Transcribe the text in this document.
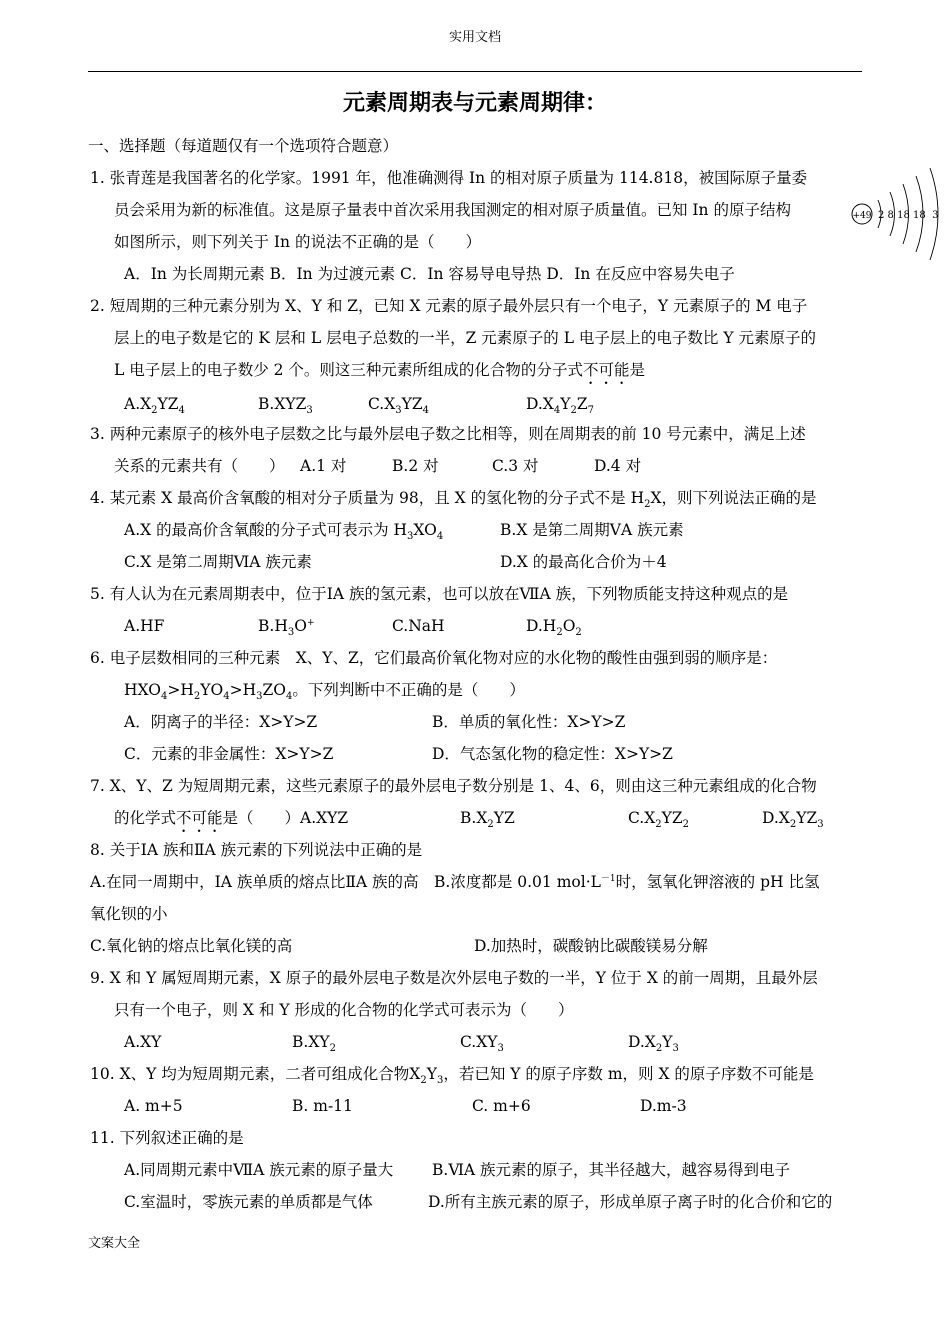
实用文档
元素周期表与元素周期律：
一、选择题（每道题仅有一个选项符合题意）
1. 张青莲是我国著名的化学家。1991 年，他准确测得 In 的相对原子质量为 114.818，被国际原子量委
员会采用为新的标准值。这是原子量表中首次采用我国测定的相对原子质量值。已知 In 的原子结构
如图所示，则下列关于 In 的说法不正确的是（　　）
A．In 为长周期元素 B．In 为过渡元素 C．In 容易导电导热 D．In 在反应中容易失电子
+49 2 8 18 18  3
2. 短周期的三种元素分别为 X、Y 和 Z，已知 X 元素的原子最外层只有一个电子，Y 元素原子的 M 电子
层上的电子数是它的 K 层和 L 层电子总数的一半，Z 元素原子的 L 电子层上的电子数比 Y 元素原子的
L 电子层上的电子数少 2 个。则这三种元素所组成的化合物的分子式不可能是
$A.X_2YZ_4$	$B.XYZ_3$	$C.X_3YZ_4$	$D.X_4Y_2Z_7$
3. 两种元素原子的核外电子层数之比与最外层电子数之比相等，则在周期表的前 10 号元素中，满足上述
关系的元素共有（　　） A.1 对	B.2 对	C.3 对	D.4 对
4. 某元素 X 最高价含氧酸的相对分子质量为 98，且 X 的氢化物的分子式不是 $H_2X$，则下列说法正确的是
A.X 的最高价含氧酸的分子式可表示为 $H_3XO_4$	B.X 是第二周期ⅤA 族元素
C.X 是第二周期ⅥA 族元素	D.X 的最高化合价为＋4
5. 有人认为在元素周期表中，位于ⅠA 族的氢元素，也可以放在ⅦA 族，下列物质能支持这种观点的是
A.HF	$B.H_3O^+$	C.NaH	$D.H_2O_2$
6. 电子层数相同的三种元素　X、Y、Z，它们最高价氧化物对应的水化物的酸性由强到弱的顺序是：
$HXO_4>H_2YO_4>H_3ZO_4$。下列判断中不正确的是（　　）
A．阴离子的半径：X>Y>Z	B．单质的氧化性：X>Y>Z
C．元素的非金属性：X>Y>Z	D．气态氢化物的稳定性：X>Y>Z
7. X、Y、Z 为短周期元素，这些元素原子的最外层电子数分别是 1、4、6，则由这三种元素组成的化合物
的化学式不可能是（　　）A.XYZ	$B.X_2YZ$	$C.X_2YZ_2$	$D.X_2YZ_3$
8. 关于ⅠA 族和ⅡA 族元素的下列说法中正确的是
A.在同一周期中，ⅠA 族单质的熔点比ⅡA 族的高　B.浓度都是 0.01 $mol\cdot L^{-1}$时，氢氧化钾溶液的 pH 比氢
氧化钡的小
C.氧化钠的熔点比氧化镁的高	D.加热时，碳酸钠比碳酸镁易分解
9. X 和 Y 属短周期元素，X 原子的最外层电子数是次外层电子数的一半，Y 位于 X 的前一周期，且最外层
只有一个电子，则 X 和 Y 形成的化合物的化学式可表示为（　　）
A.XY	$B.XY_2$	$C.XY_3$	$D.X_2Y_3$
10. X、Y 均为短周期元素，二者可组成化合物$X_2Y_3$，若已知 Y 的原子序数 m，则 X 的原子序数不可能是
A. m+5	B. m-11	C. m+6	D.m-3
11. 下列叙述正确的是
A.同周期元素中ⅦA 族元素的原子量大	B.ⅥA 族元素的原子，其半径越大，越容易得到电子
C.室温时，零族元素的单质都是气体	D.所有主族元素的原子，形成单原子离子时的化合价和它的
文案大全
